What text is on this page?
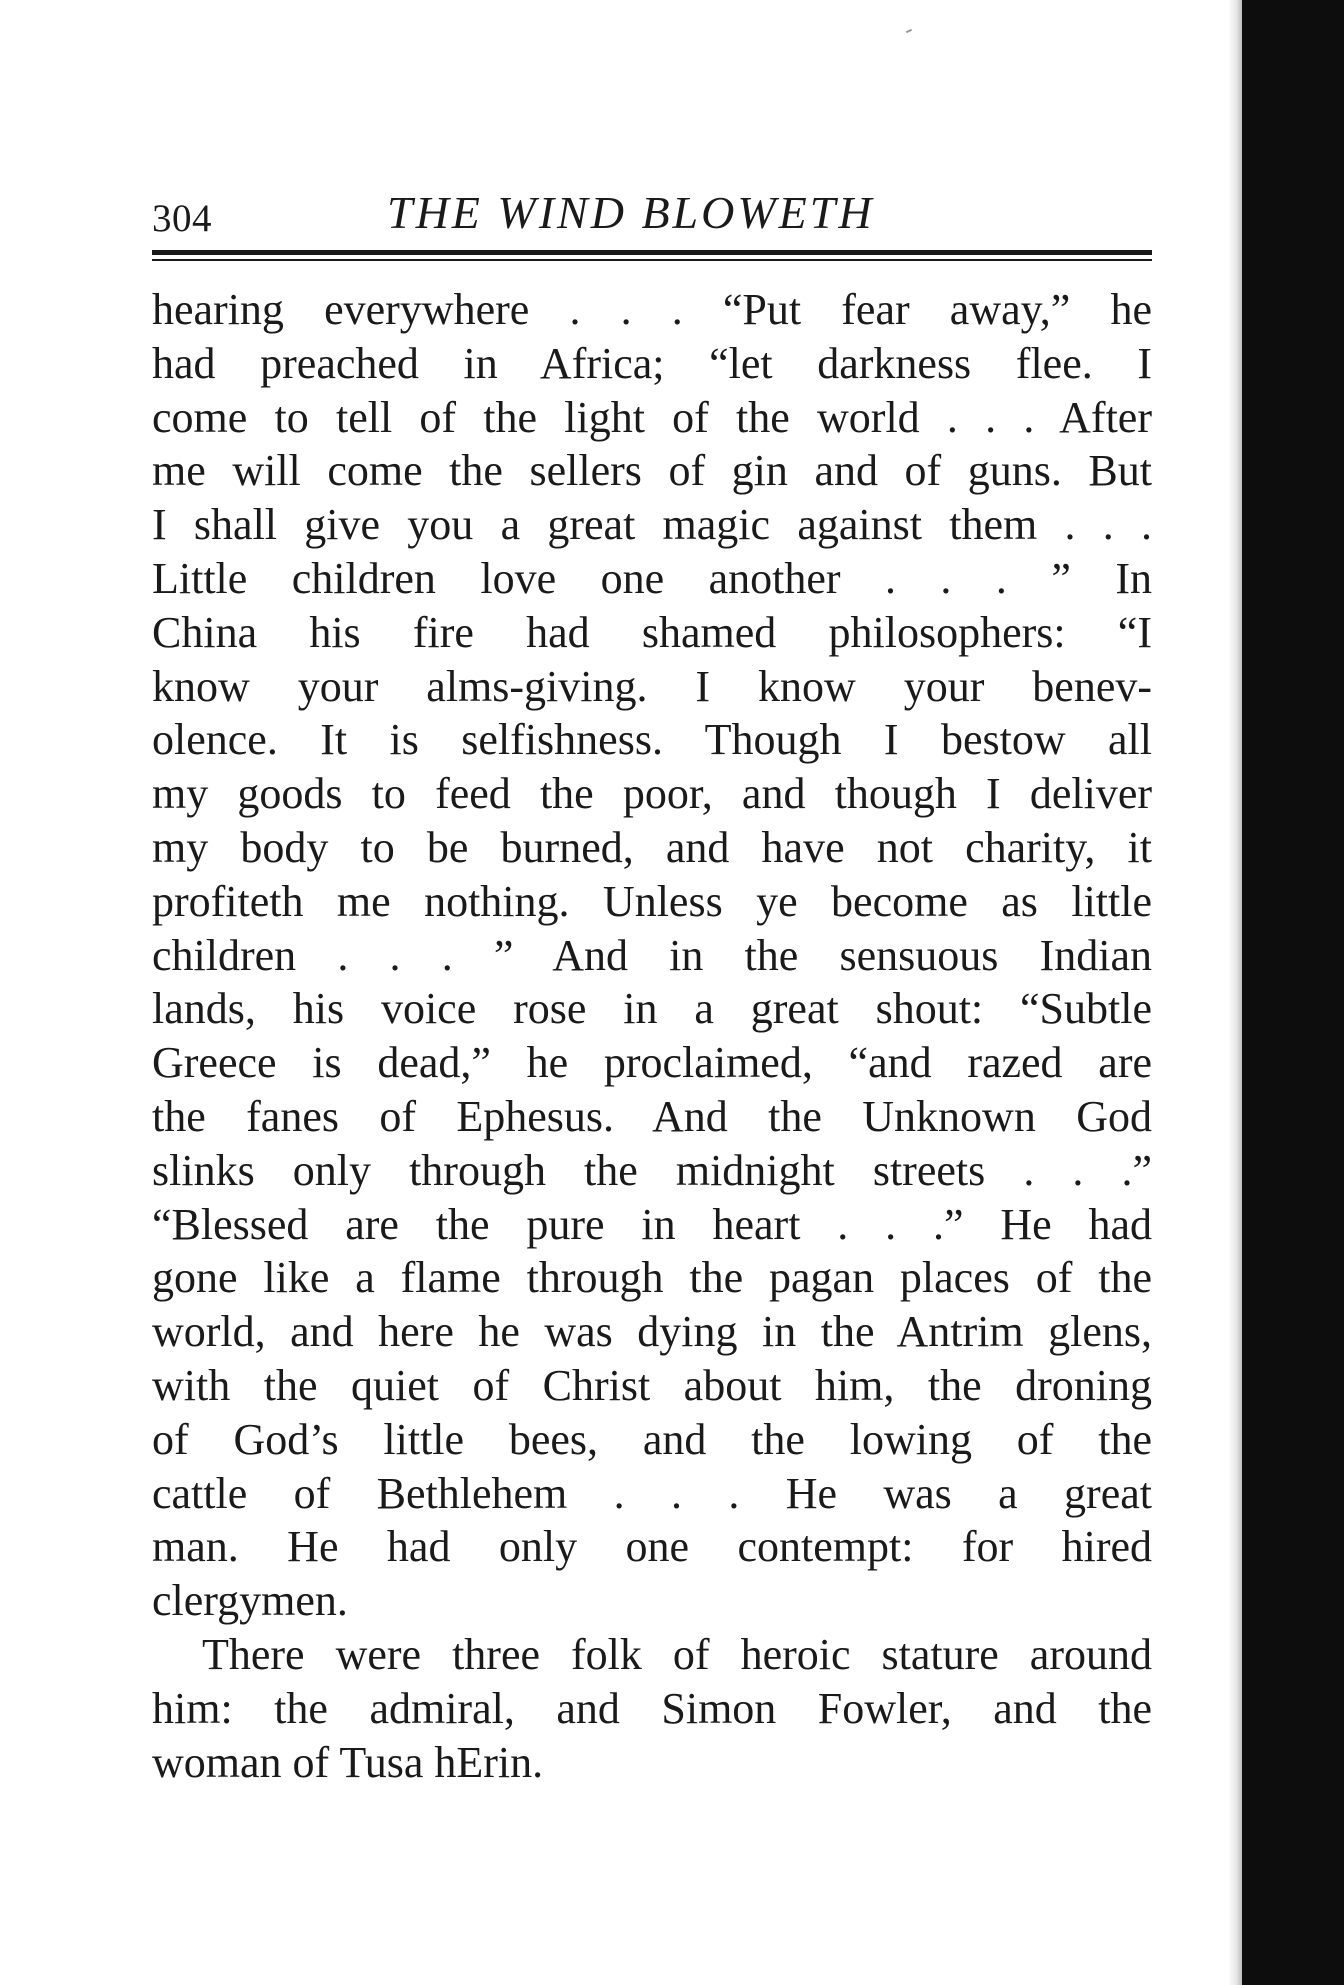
304	THE WIND BLOWETH
hearing everywhere . . . “Put fear away,” he
had preached in Africa; “let darkness flee. I
come to tell of the light of the world . . . After
me will come the sellers of gin and of guns. But
I shall give you a great magic against them . . .
Little children love one another . . . ” In
China his fire had shamed philosophers: “I
know your alms-giving. I know your benev-
olence. It is selfishness. Though I bestow all
my goods to feed the poor, and though I deliver
my body to be burned, and have not charity, it
profiteth me nothing. Unless ye become as little
children . . . ” And in the sensuous Indian
lands, his voice rose in a great shout: “Subtle
Greece is dead,” he proclaimed, “and razed are
the fanes of Ephesus. And the Unknown God
slinks only through the midnight streets . . .”
“Blessed are the pure in heart . . .” He had
gone like a flame through the pagan places of the
world, and here he was dying in the Antrim glens,
with the quiet of Christ about him, the droning
of God’s little bees, and the lowing of the
cattle of Bethlehem . . . He was a great
man. He had only one contempt: for hired
clergymen.
There were three folk of heroic stature around
him: the admiral, and Simon Fowler, and the
woman of Tusa hErin.
